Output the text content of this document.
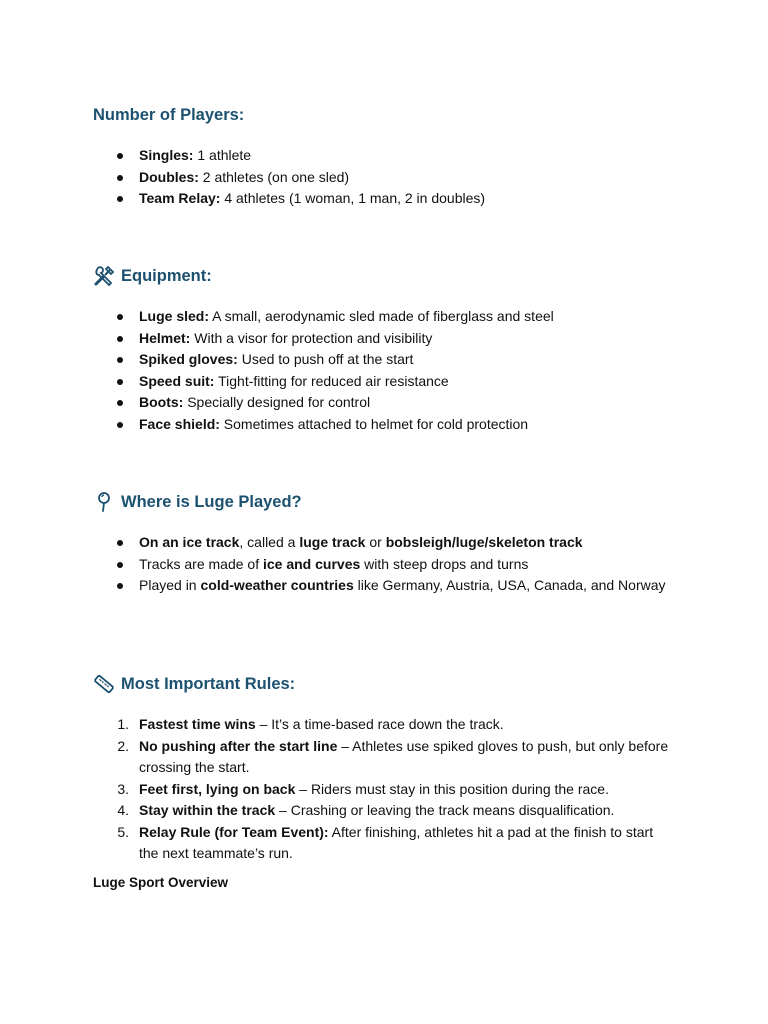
Number of Players:
Singles: 1 athlete
Doubles: 2 athletes (on one sled)
Team Relay: 4 athletes (1 woman, 1 man, 2 in doubles)
Equipment:
Luge sled: A small, aerodynamic sled made of fiberglass and steel
Helmet: With a visor for protection and visibility
Spiked gloves: Used to push off at the start
Speed suit: Tight-fitting for reduced air resistance
Boots: Specially designed for control
Face shield: Sometimes attached to helmet for cold protection
Where is Luge Played?
On an ice track, called a luge track or bobsleigh/luge/skeleton track
Tracks are made of ice and curves with steep drops and turns
Played in cold-weather countries like Germany, Austria, USA, Canada, and Norway
Most Important Rules:
1. Fastest time wins – It’s a time-based race down the track.
2. No pushing after the start line – Athletes use spiked gloves to push, but only before crossing the start.
3. Feet first, lying on back – Riders must stay in this position during the race.
4. Stay within the track – Crashing or leaving the track means disqualification.
5. Relay Rule (for Team Event): After finishing, athletes hit a pad at the finish to start the next teammate’s run.
Luge Sport Overview
